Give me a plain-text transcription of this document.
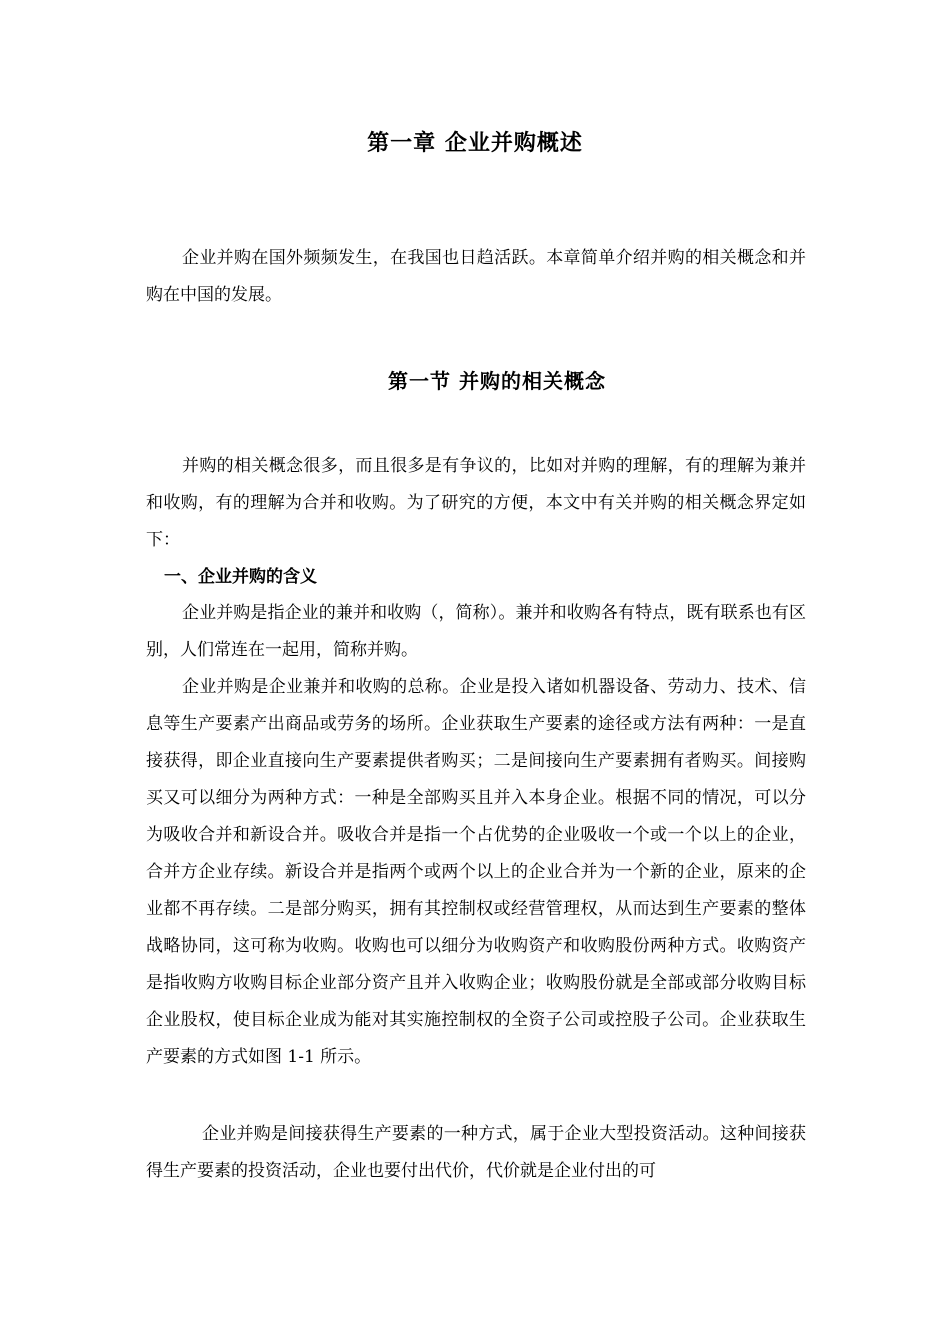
第一章 企业并购概述

企业并购在国外频频发生，在我国也日趋活跃。本章简单介绍并购的相关概念和并购在中国的发展。

第一节 并购的相关概念

并购的相关概念很多，而且很多是有争议的，比如对并购的理解，有的理解为兼并和收购，有的理解为合并和收购。为了研究的方便，本文中有关并购的相关概念界定如下：

一、企业并购的含义

企业并购是指企业的兼并和收购（，简称）。兼并和收购各有特点，既有联系也有区别，人们常连在一起用，简称并购。

企业并购是企业兼并和收购的总称。企业是投入诸如机器设备、劳动力、技术、信息等生产要素产出商品或劳务的场所。企业获取生产要素的途径或方法有两种：一是直接获得，即企业直接向生产要素提供者购买；二是间接向生产要素拥有者购买。间接购买又可以细分为两种方式：一种是全部购买且并入本身企业。根据不同的情况，可以分为吸收合并和新设合并。吸收合并是指一个占优势的企业吸收一个或一个以上的企业，合并方企业存续。新设合并是指两个或两个以上的企业合并为一个新的企业，原来的企业都不再存续。二是部分购买，拥有其控制权或经营管理权，从而达到生产要素的整体战略协同，这可称为收购。收购也可以细分为收购资产和收购股份两种方式。收购资产是指收购方收购目标企业部分资产且并入收购企业；收购股份就是全部或部分收购目标企业股权，使目标企业成为能对其实施控制权的全资子公司或控股子公司。企业获取生产要素的方式如图 1-1 所示。

企业并购是间接获得生产要素的一种方式，属于企业大型投资活动。这种间接获得生产要素的投资活动，企业也要付出代价，代价就是企业付出的可
